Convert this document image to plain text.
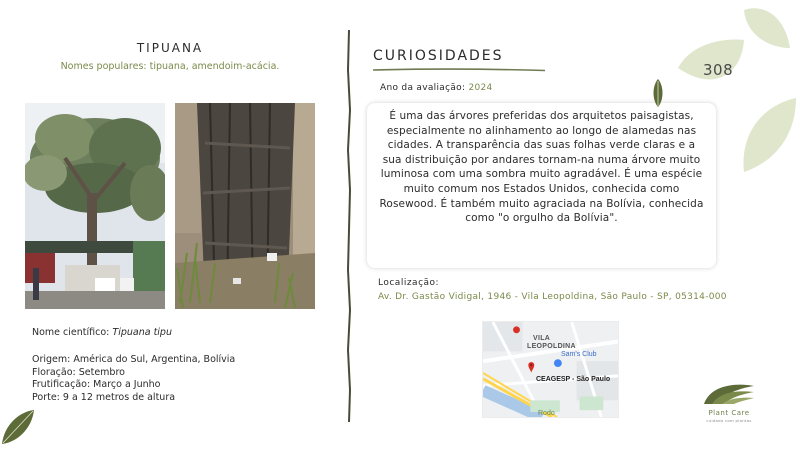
TIPUANA
Nomes populares: tipuana, amendoim-acácia.
Nome científico: Tipuana tipu
Origem: América do Sul, Argentina, Bolívia
Floração: Setembro
Frutificação: Março a Junho
Porte: 9 a 12 metros de altura
CURIOSIDADES
Ano da avaliação: 2024

É uma das árvores preferidas dos arquitetos paisagistas, especialmente no alinhamento ao longo de alamedas nas cidades. A transparência das suas folhas verde claras e a sua distribuição por andares tornam-na numa árvore muito luminosa com uma sombra muito agradável. É uma espécie muito comum nos Estados Unidos, conhecida como Rosewood. É também muito agraciada na Bolívia, conhecida como "o orgulho da Bolívia".

Localização:
Av. Dr. Gastão Vidigal, 1946 - Vila Leopoldina, São Paulo - SP, 05314-000
VILA
LEOPOLDINA
Sam's Club
CEAGESP - São Paulo
Rodo
308
Plant Care
cuidado com plantas
